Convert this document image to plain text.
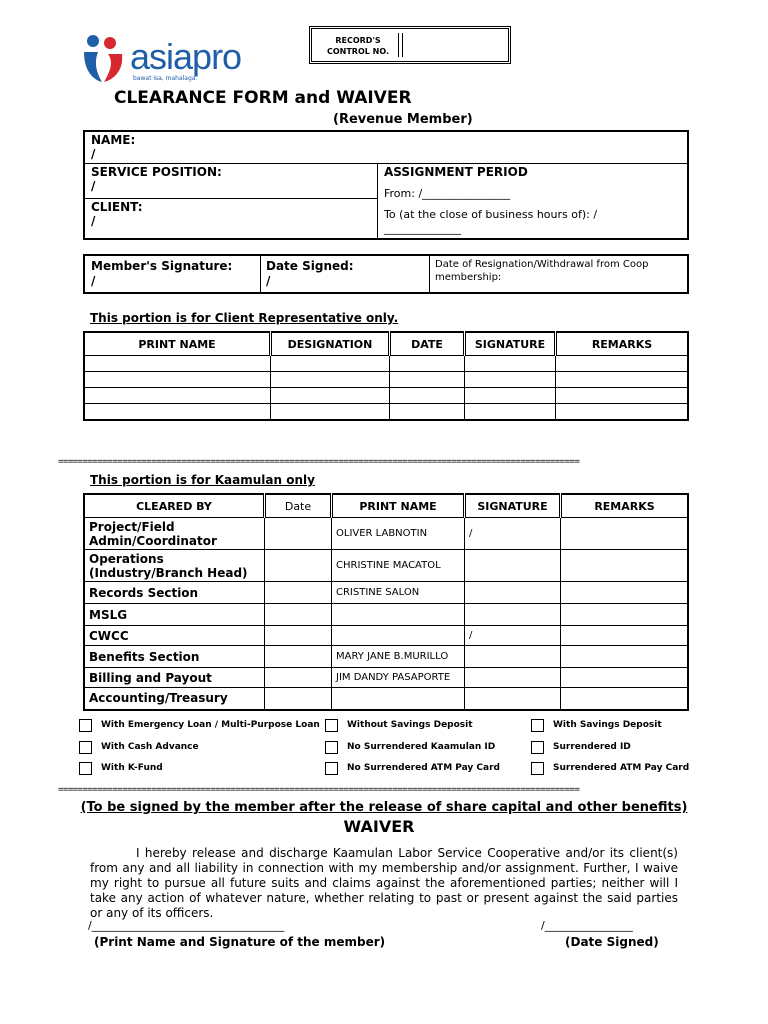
asiapro
bawat isa, mahalaga.
RECORD'S CONTROL NO.
CLEARANCE FORM and WAIVER
(Revenue Member)
NAME:
/
SERVICE POSITION:
/
CLIENT:
/
ASSIGNMENT PERIOD
From: /________________
To (at the close of business hours of): /
______________
Member's Signature:
/
Date Signed:
/
Date of Resignation/Withdrawal from Coop membership:
This portion is for Client Representative only.
PRINT NAME	DESIGNATION	DATE	SIGNATURE	REMARKS

==========================================================================================================
This portion is for Kaamulan only
CLEARED BY	Date	PRINT NAME	SIGNATURE	REMARKS
Project/Field Admin/Coordinator		OLIVER LABNOTIN	/	
Operations (Industry/Branch Head)		CHRISTINE MACATOL		
Records Section		CRISTINE SALON		
MSLG				
CWCC			/	
Benefits Section		MARY JANE B.MURILLO		
Billing and Payout		JIM DANDY PASAPORTE		
Accounting/Treasury				
With Emergency Loan / Multi-Purpose Loan	Without Savings Deposit	With Savings Deposit
With Cash Advance	No Surrendered Kaamulan ID	Surrendered ID
With K-Fund	No Surrendered ATM Pay Card	Surrendered ATM Pay Card
==========================================================================================================
(To be signed by the member after the release of share capital and other benefits)
WAIVER
I hereby release and discharge Kaamulan Labor Service Cooperative and/or its client(s) from any and all liability in connection with my membership and/or assignment. Further, I waive my right to pursue all future suits and claims against the aforementioned parties; neither will I take any action of whatever nature, whether relating to past or present against the said parties or any of its officers.
/___________________________________
(Print Name and Signature of the member)
/________________
(Date Signed)
